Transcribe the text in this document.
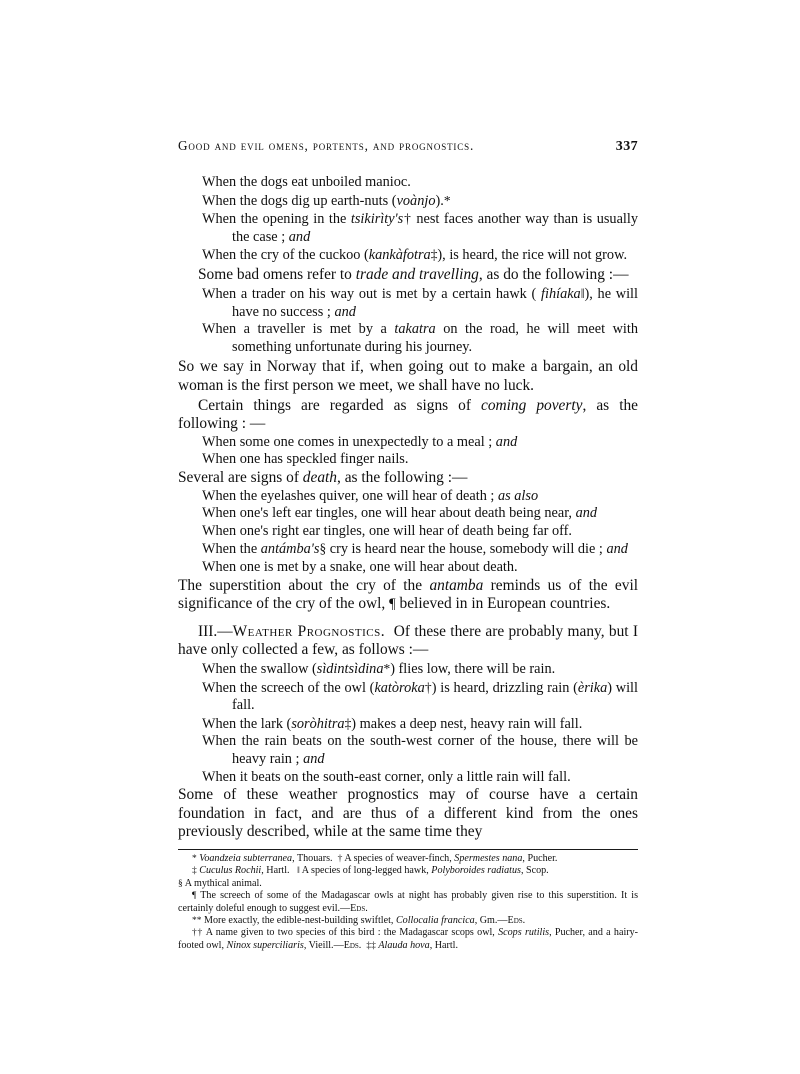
Good and evil omens, portents, and prognostics.	337

When the dogs eat unboiled manioc.

When the dogs dig up earth-nuts (voànjo).*

When the opening in the tsikirìty's† nest faces another way than is usually the case ; and

When the cry of the cuckoo (kankàfotra‡), is heard, the rice will not grow.

Some bad omens refer to trade and travelling, as do the following :—

When a trader on his way out is met by a certain hawk ( fihíaka‖), he will have no success ; and

When a traveller is met by a takatra on the road, he will meet with something unfortunate during his journey.

So we say in Norway that if, when going out to make a bargain, an old woman is the first person we meet, we shall have no luck.

Certain things are regarded as signs of coming poverty, as the following : —

When some one comes in unexpectedly to a meal ; and

When one has speckled finger nails.

Several are signs of death, as the following :—

When the eyelashes quiver, one will hear of death ; as also

When one's left ear tingles, one will hear about death being near, and

When one's right ear tingles, one will hear of death being far off.

When the antámba's§ cry is heard near the house, somebody will die ; and

When one is met by a snake, one will hear about death.

The superstition about the cry of the antamba reminds us of the evil significance of the cry of the owl, ¶ believed in in European countries.

III.—Weather Prognostics. Of these there are probably many, but I have only collected a few, as follows :—

When the swallow (sìdintsìdina*) flies low, there will be rain.

When the screech of the owl (katòroka†) is heard, drizzling rain (èrika) will fall.

When the lark (soròhitra‡) makes a deep nest, heavy rain will fall.

When the rain beats on the south-west corner of the house, there will be heavy rain ; and

When it beats on the south-east corner, only a little rain will fall.

Some of these weather prognostics may of course have a certain foundation in fact, and are thus of a different kind from the ones previously described, while at the same time they

* Voandzeia subterranea, Thouars. † A species of weaver-finch, Spermestes nana, Pucher.

‡ Cuculus Rochii, Hartl. ‖ A species of long-legged hawk, Polyboroides radiatus, Scop.

§ A mythical animal.

¶ The screech of some of the Madagascar owls at night has probably given rise to this superstition. It is certainly doleful enough to suggest evil.—Eds.

** More exactly, the edible-nest-building swiftlet, Collocalia francica, Gm.—Eds.

†† A name given to two species of this bird : the Madagascar scops owl, Scops rutilis, Pucher, and a hairy-footed owl, Ninox superciliaris, Vieill.—Eds. ‡‡ Alauda hova, Hartl.
